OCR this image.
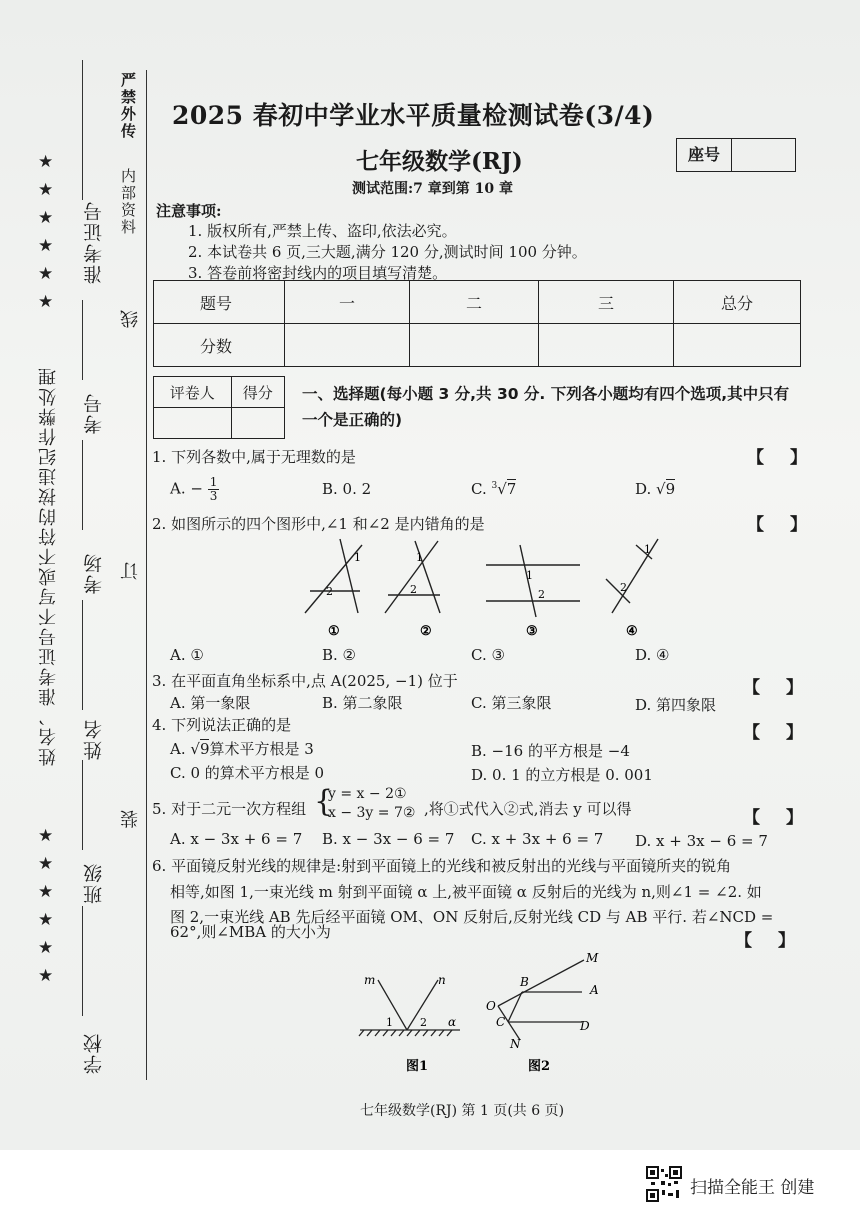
严禁外传
内部资料
线
订
装
姓名、准考证号不写或不符的按违纪作弊处理
准考证号
考号
考场
姓名
班级
学校
★
★
★
★
★
★
★
★
★
★
★
★
2025 春初中学业水平质量检测试卷(3/4)
七年级数学(RJ)	座号
测试范围:7 章到第 10 章
注意事项:
1. 版权所有,严禁上传、盗印,依法必究。
2. 本试卷共 6 页,三大题,满分 120 分,测试时间 100 分钟。
3. 答卷前将密封线内的项目填写清楚。
题号	一	二	三	总分
分数				
评卷人	得分
	一、选择题(每小题 3 分,共 30 分. 下列各小题均有四个选项,其中只有一个是正确的)
1. 下列各数中,属于无理数的是	【】
A. − $\frac{1}{3}$	B. 0. 2	C. $^3$√7	D. √9
2. 如图所示的四个图形中,∠1 和∠2 是内错角的是	【】
1
2
①
1
2
②
1
2
③
1
2
④
A. ①	B. ②	C. ③	D. ④
3. 在平面直角坐标系中,点 A(2025, −1) 位于	【】
A. 第一象限	B. 第二象限	C. 第三象限	D. 第四象限
4. 下列说法正确的是	【】
A. √9算术平方根是 3	B. −16 的平方根是 −4
C. 0 的算术平方根是 0	D. 0. 1 的立方根是 0. 001
5. 对于二元一次方程组 {
y = x − 2①
x − 3y = 7② ,将①式代入②式,消去 y 可以得	【】
A. x − 3x + 6 = 7 B. x − 3x − 6 = 7 C. x + 3x + 6 = 7 D. x + 3x − 6 = 7
6. 平面镜反射光线的规律是:射到平面镜上的光线和被反射出的光线与平面镜所夹的锐角
相等,如图 1,一束光线 m 射到平面镜 α 上,被平面镜 α 反射后的光线为 n,则∠1 = ∠2. 如
图 2,一束光线 AB 先后经平面镜 OM、ON 反射后,反射光线 CD 与 AB 平行. 若∠NCD =
62°,则∠MBA 的大小为	【】
m	n
1 2 α
图1
M
A
B
O
C	D
N
图2
七年级数学(RJ) 第 1 页(共 6 页)
扫描全能王 创建
